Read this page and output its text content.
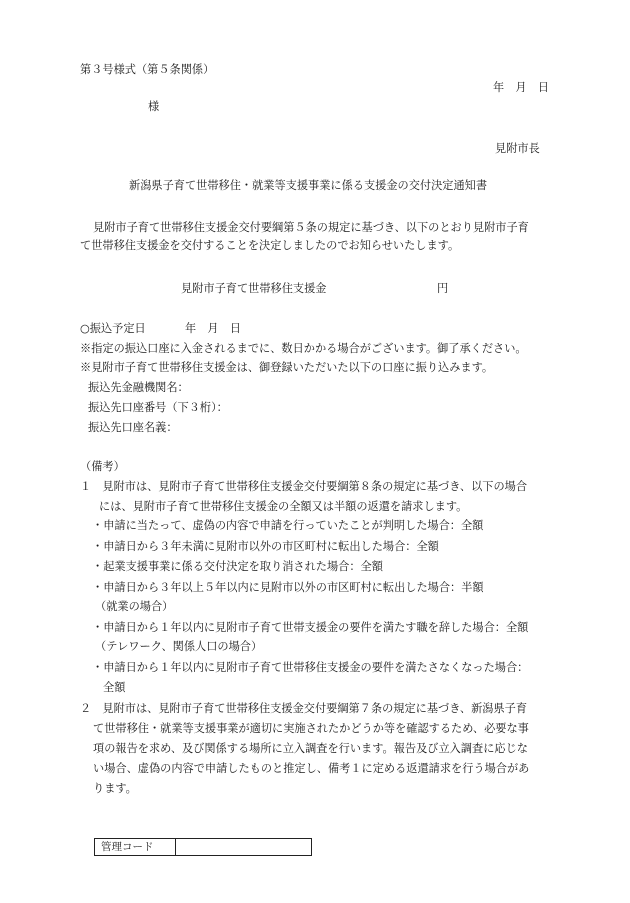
第３号様式（第５条関係）
年　月　日
様
見附市長
新潟県子育て世帯移住・就業等支援事業に係る支援金の交付決定通知書
見附市子育て世帯移住支援金交付要綱第５条の規定に基づき、以下のとおり見附市子育
て世帯移住支援金を交付することを決定しましたのでお知らせいたします。
見附市子育て世帯移住支援金	円
○振込予定日	年　月　日
※指定の振込口座に入金されるまでに、数日かかる場合がございます。御了承ください。
※見附市子育て世帯移住支援金は、御登録いただいた以下の口座に振り込みます。
振込先金融機関名：
振込先口座番号（下３桁）：
振込先口座名義：
（備考）
１　見附市は、見附市子育て世帯移住支援金交付要綱第８条の規定に基づき、以下の場合
には、見附市子育て世帯移住支援金の全額又は半額の返還を請求します。
・申請に当たって、虚偽の内容で申請を行っていたことが判明した場合：全額
・申請日から３年未満に見附市以外の市区町村に転出した場合：全額
・起業支援事業に係る交付決定を取り消された場合：全額
・申請日から３年以上５年以内に見附市以外の市区町村に転出した場合：半額
（就業の場合）
・申請日から１年以内に見附市子育て世帯支援金の要件を満たす職を辞した場合：全額
（テレワーク、関係人口の場合）
・申請日から１年以内に見附市子育て世帯移住支援金の要件を満たさなくなった場合：
全額
２　見附市は、見附市子育て世帯移住支援金交付要綱第７条の規定に基づき、新潟県子育
て世帯移住・就業等支援事業が適切に実施されたかどうか等を確認するため、必要な事
項の報告を求め、及び関係する場所に立入調査を行います。報告及び立入調査に応じな
い場合、虚偽の内容で申請したものと推定し、備考１に定める返還請求を行う場合があ
ります。
管理コード
